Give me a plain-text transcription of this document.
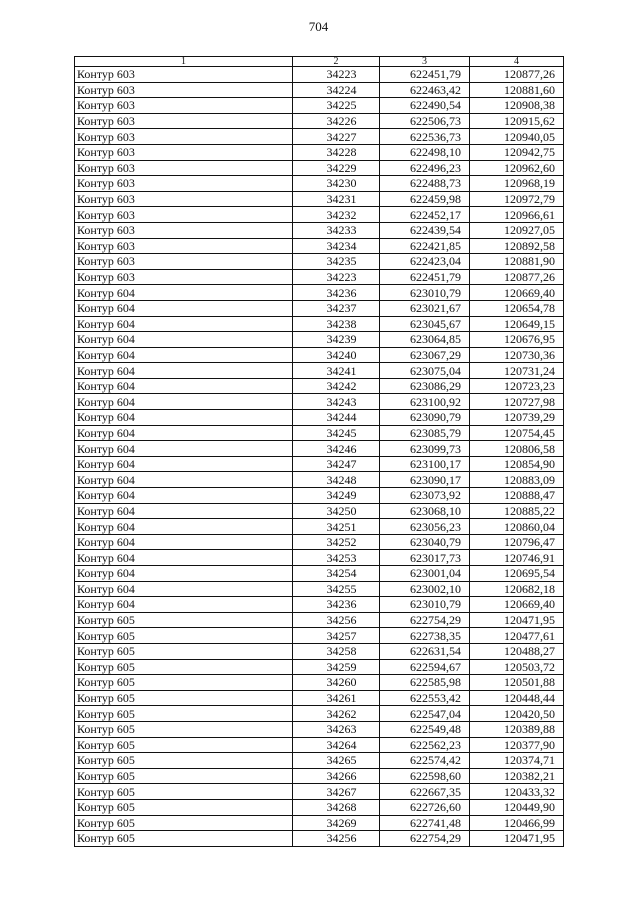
704
1	2	3	4
Контур 603	34223	622451,79	120877,26
Контур 603	34224	622463,42	120881,60
Контур 603	34225	622490,54	120908,38
Контур 603	34226	622506,73	120915,62
Контур 603	34227	622536,73	120940,05
Контур 603	34228	622498,10	120942,75
Контур 603	34229	622496,23	120962,60
Контур 603	34230	622488,73	120968,19
Контур 603	34231	622459,98	120972,79
Контур 603	34232	622452,17	120966,61
Контур 603	34233	622439,54	120927,05
Контур 603	34234	622421,85	120892,58
Контур 603	34235	622423,04	120881,90
Контур 603	34223	622451,79	120877,26
Контур 604	34236	623010,79	120669,40
Контур 604	34237	623021,67	120654,78
Контур 604	34238	623045,67	120649,15
Контур 604	34239	623064,85	120676,95
Контур 604	34240	623067,29	120730,36
Контур 604	34241	623075,04	120731,24
Контур 604	34242	623086,29	120723,23
Контур 604	34243	623100,92	120727,98
Контур 604	34244	623090,79	120739,29
Контур 604	34245	623085,79	120754,45
Контур 604	34246	623099,73	120806,58
Контур 604	34247	623100,17	120854,90
Контур 604	34248	623090,17	120883,09
Контур 604	34249	623073,92	120888,47
Контур 604	34250	623068,10	120885,22
Контур 604	34251	623056,23	120860,04
Контур 604	34252	623040,79	120796,47
Контур 604	34253	623017,73	120746,91
Контур 604	34254	623001,04	120695,54
Контур 604	34255	623002,10	120682,18
Контур 604	34236	623010,79	120669,40
Контур 605	34256	622754,29	120471,95
Контур 605	34257	622738,35	120477,61
Контур 605	34258	622631,54	120488,27
Контур 605	34259	622594,67	120503,72
Контур 605	34260	622585,98	120501,88
Контур 605	34261	622553,42	120448,44
Контур 605	34262	622547,04	120420,50
Контур 605	34263	622549,48	120389,88
Контур 605	34264	622562,23	120377,90
Контур 605	34265	622574,42	120374,71
Контур 605	34266	622598,60	120382,21
Контур 605	34267	622667,35	120433,32
Контур 605	34268	622726,60	120449,90
Контур 605	34269	622741,48	120466,99
Контур 605	34256	622754,29	120471,95
